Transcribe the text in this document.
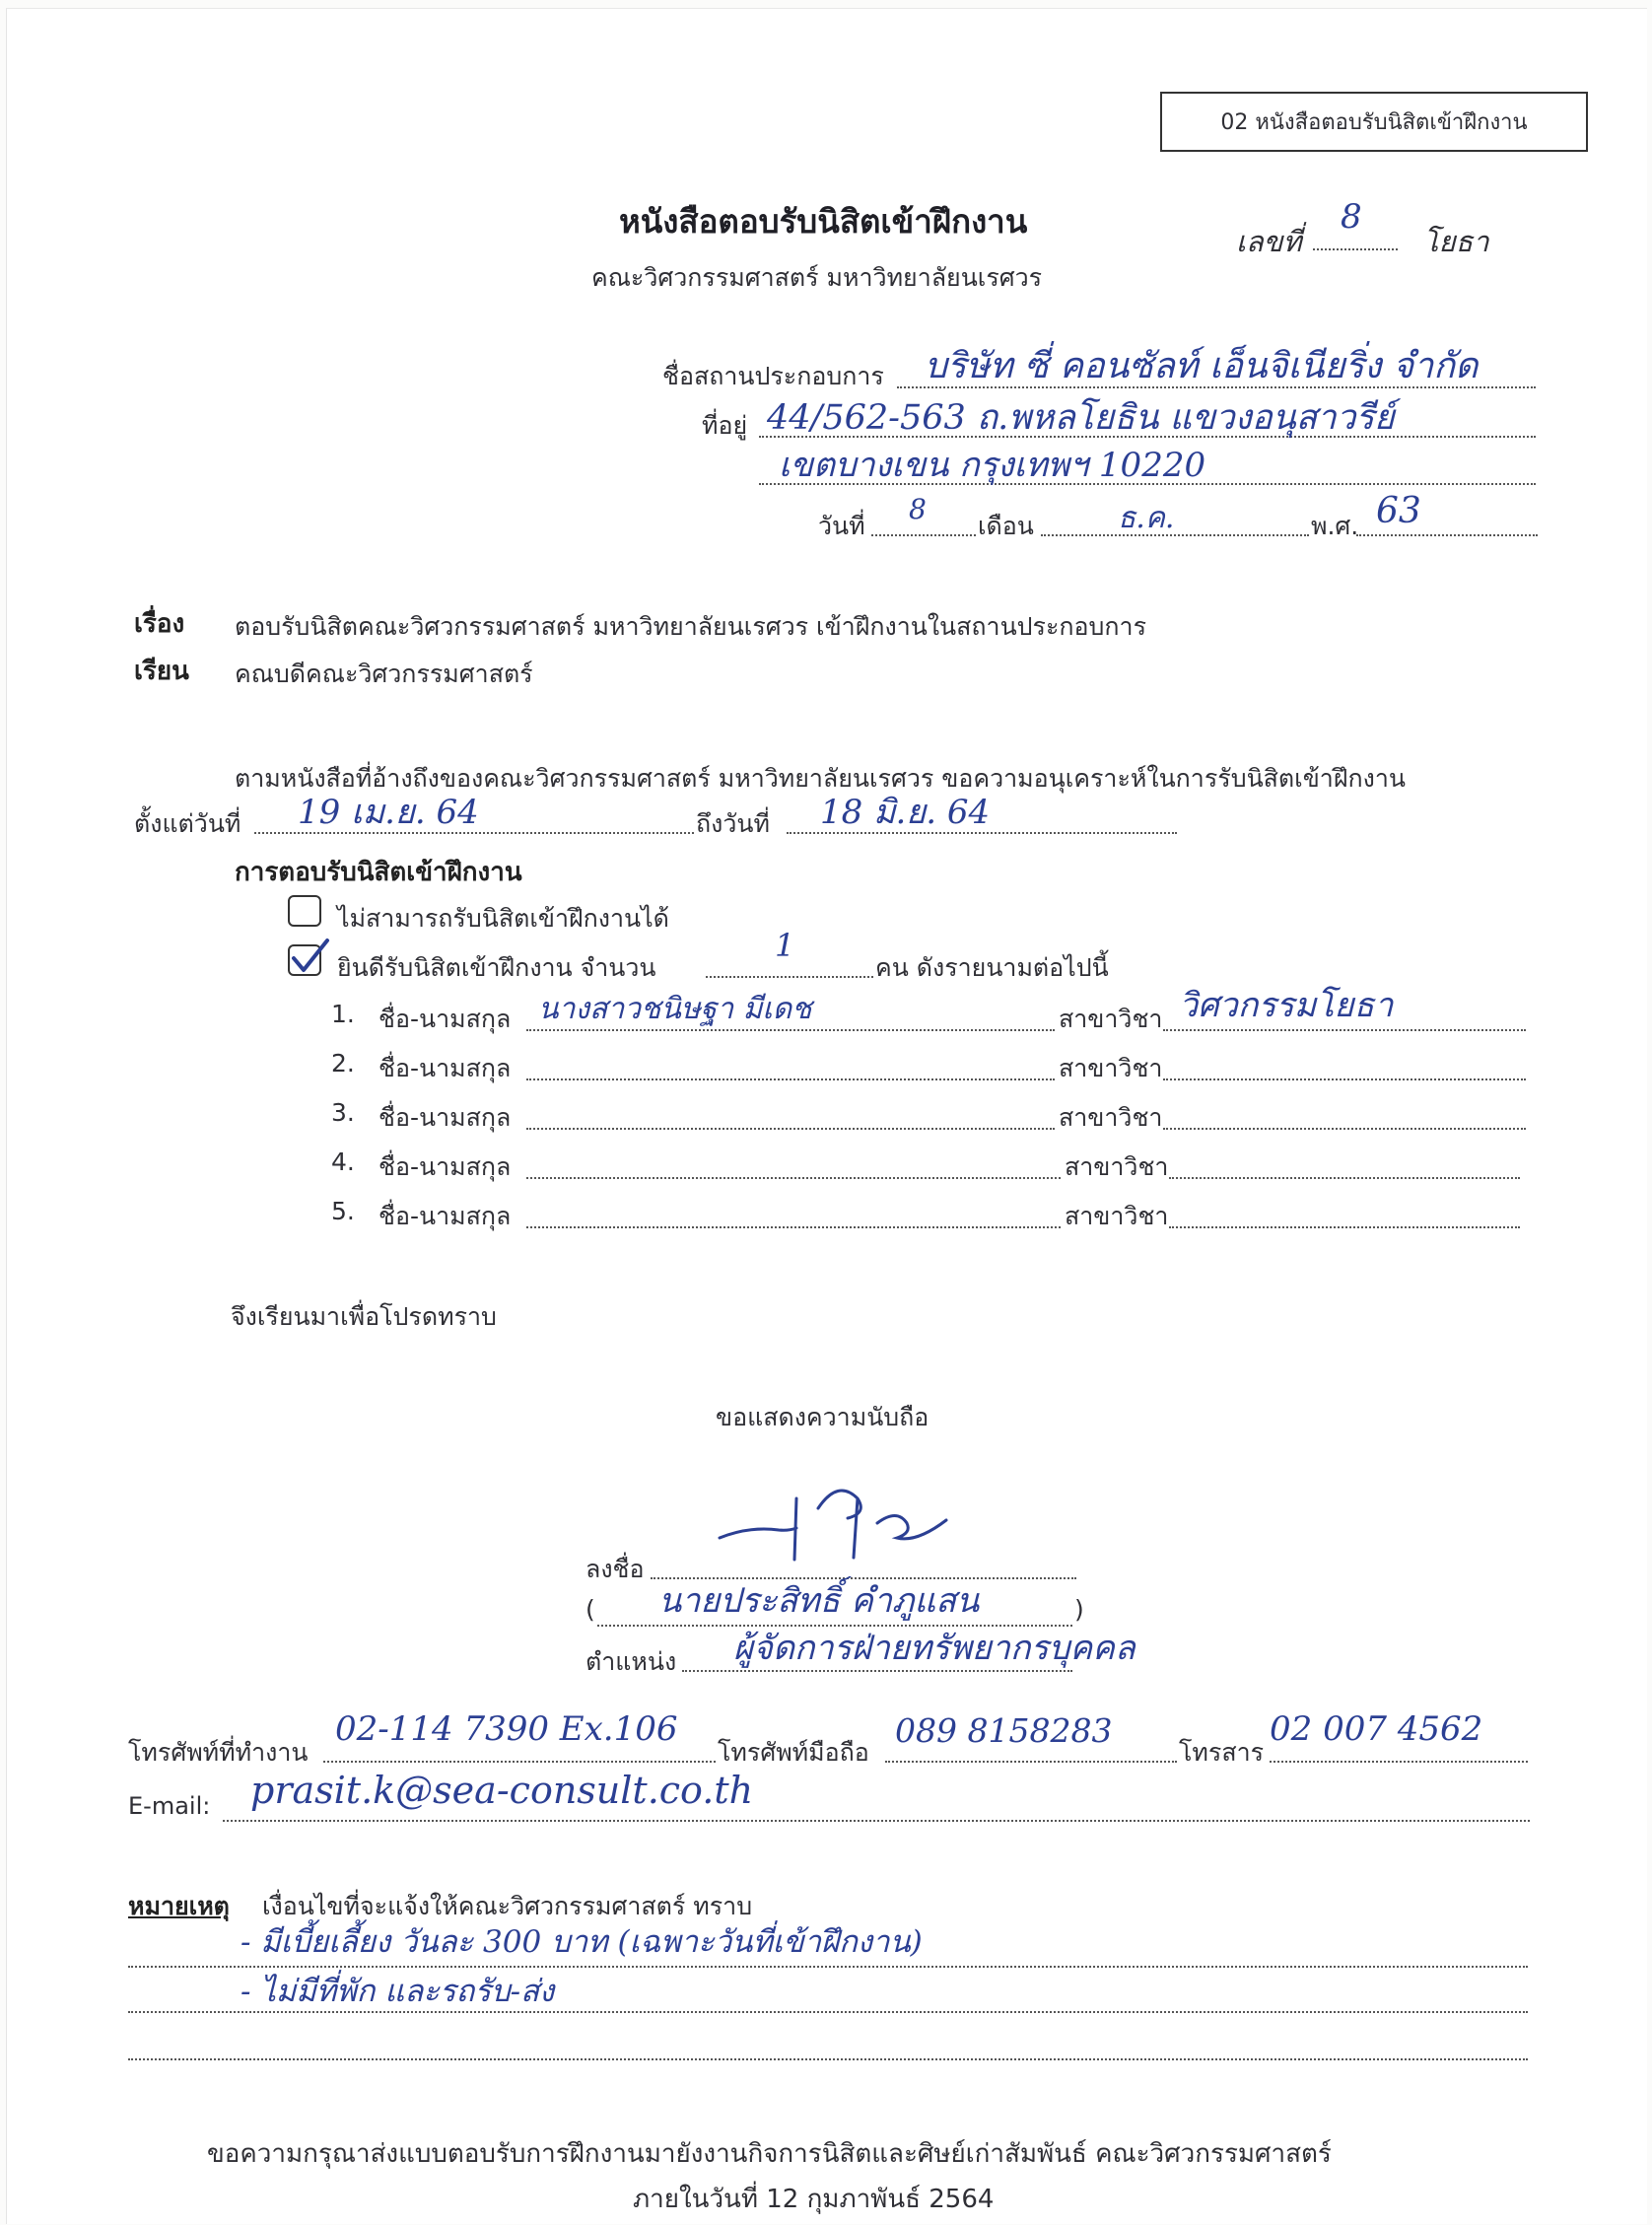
02 หนังสือตอบรับนิสิตเข้าฝึกงาน
หนังสือตอบรับนิสิตเข้าฝึกงาน
คณะวิศวกรรมศาสตร์ มหาวิทยาลัยนเรศวร
เลขที่
8
โยธา
ชื่อสถานประกอบการ บริษัท ซี่ คอนซัลท์ เอ็นจิเนียริ่ง จำกัด
ที่อยู่ 44/562-563 ถ.พหลโยธิน แขวงอนุสาวรีย์
เขตบางเขน กรุงเทพฯ 10220
วันที่
8
เดือน	ธ.ค.	พ.ศ. 63
เรื่อง ตอบรับนิสิตคณะวิศวกรรมศาสตร์ มหาวิทยาลัยนเรศวร เข้าฝึกงานในสถานประกอบการ
เรียน คณบดีคณะวิศวกรรมศาสตร์
ตามหนังสือที่อ้างถึงของคณะวิศวกรรมศาสตร์ มหาวิทยาลัยนเรศวร ขอความอนุเคราะห์ในการรับนิสิตเข้าฝึกงาน
ตั้งแต่วันที่ 19 เม.ย. 64	ถึงวันที่ 18 มิ.ย. 64
การตอบรับนิสิตเข้าฝึกงาน
ไม่สามารถรับนิสิตเข้าฝึกงานได้
ยินดีรับนิสิตเข้าฝึกงาน จำนวน
1
คน ดังรายนามต่อไปนี้
1. ชื่อ-นามสกุล นางสาวชนิษฐา มีเดช	สาขาวิชา วิศวกรรมโยธา
2. ชื่อ-นามสกุล	สาขาวิชา
3. ชื่อ-นามสกุล	สาขาวิชา
4. ชื่อ-นามสกุล	สาขาวิชา
5. ชื่อ-นามสกุล	สาขาวิชา
จึงเรียนมาเพื่อโปรดทราบ
ขอแสดงความนับถือ
ลงชื่อ
( นายประสิทธิ์ คำภูแสน	)
ตำแหน่ง ผู้จัดการฝ่ายทรัพยากรบุคคล
โทรศัพท์ที่ทำงาน
02-114 7390 Ex.106
โทรศัพท์มือถือ
089 8158283
โทรสาร
02 007 4562
E-mail: prasit.k@sea-consult.co.th
หมายเหตุ เงื่อนไขที่จะแจ้งให้คณะวิศวกรรมศาสตร์ ทราบ
- มีเบี้ยเลี้ยง วันละ 300 บาท (เฉพาะวันที่เข้าฝึกงาน)
- ไม่มีที่พัก และรถรับ-ส่ง
ขอความกรุณาส่งแบบตอบรับการฝึกงานมายังงานกิจการนิสิตและศิษย์เก่าสัมพันธ์ คณะวิศวกรรมศาสตร์
ภายในวันที่ 12 กุมภาพันธ์ 2564
